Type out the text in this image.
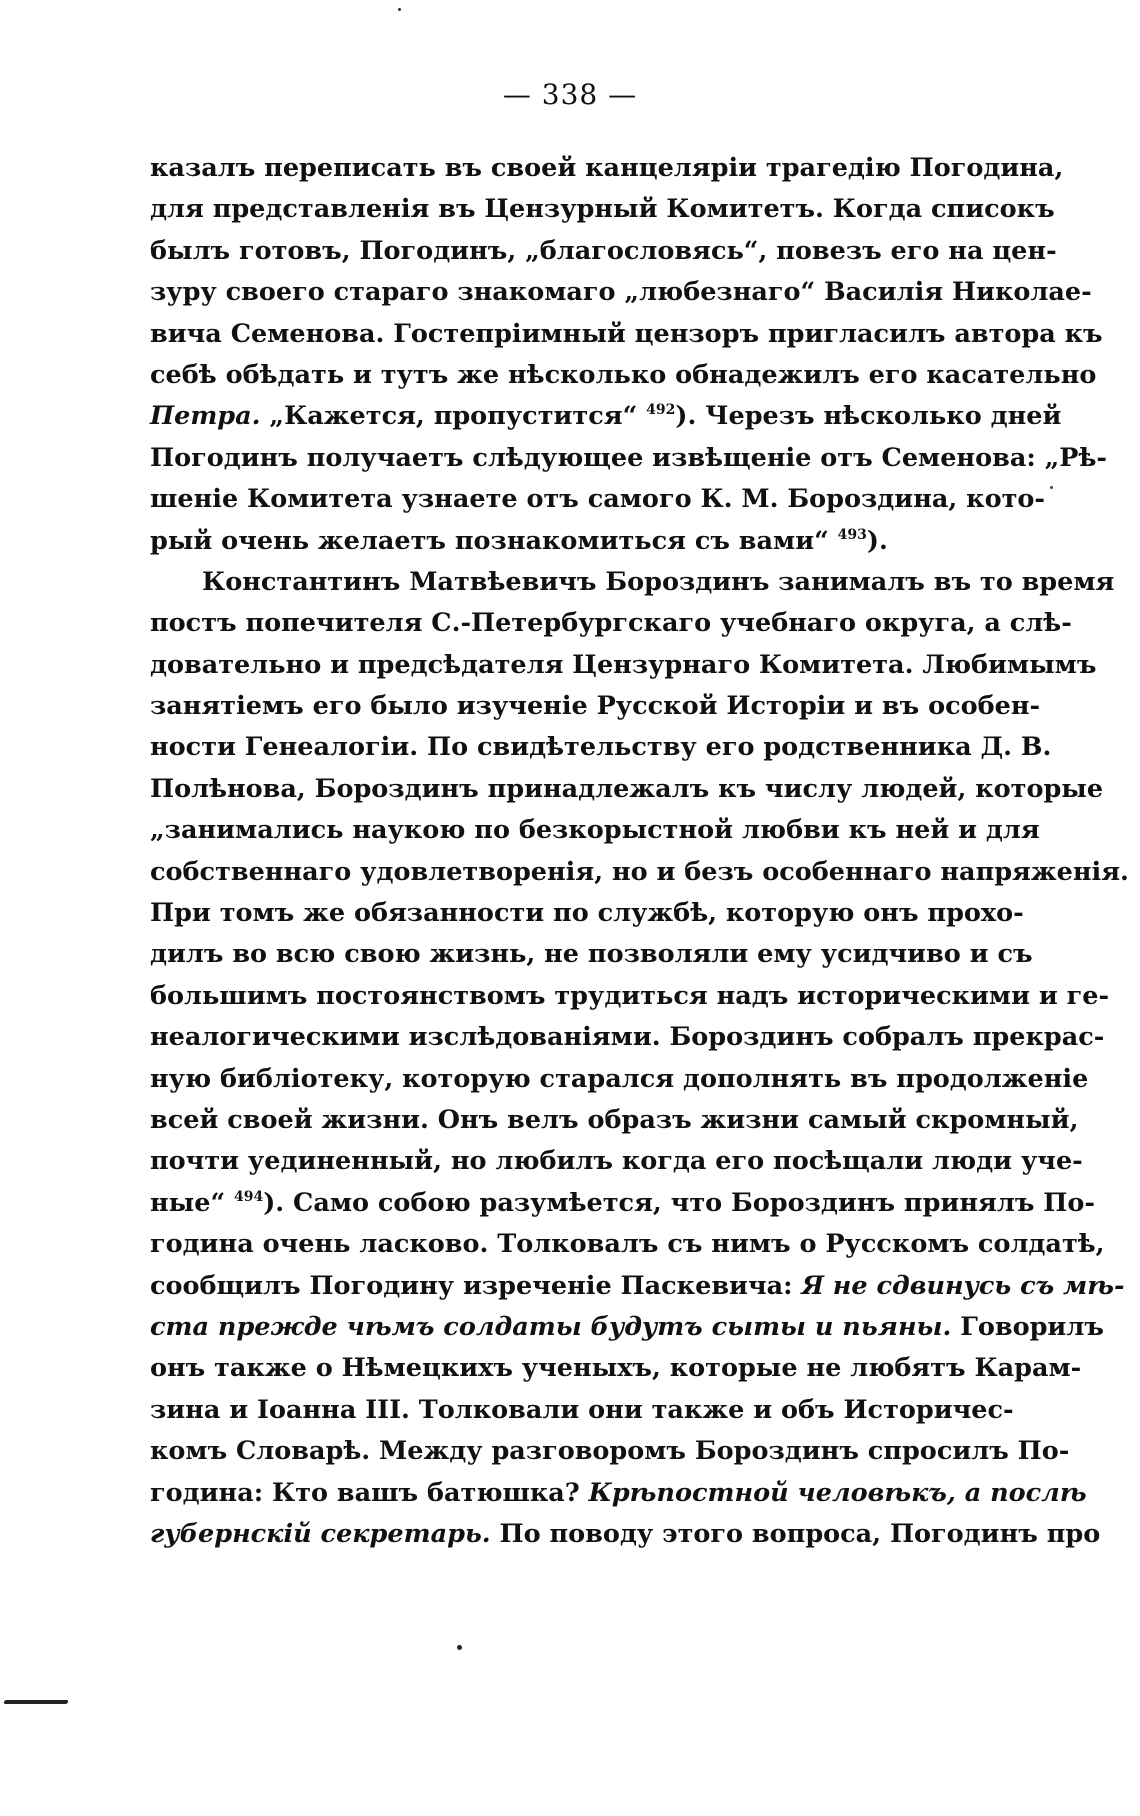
— 338 —
казалъ переписать въ своей канцеляріи трагедію Погодина,
для представленія въ Цензурный Комитетъ. Когда списокъ
былъ готовъ, Погодинъ, „благословясь“, повезъ его на цен-
зуру своего стараго знакомаго „любезнаго“ Василія Николае-
вича Семенова. Гостепріимный цензоръ пригласилъ автора къ
себѣ обѣдать и тутъ же нѣсколько обнадежилъ его касательно
Петра. „Кажется, пропустится“ $^{492}$). Черезъ нѣсколько дней
Погодинъ получаетъ слѣдующее извѣщеніе отъ Семенова: „Рѣ-
шеніе Комитета узнаете отъ самого К. М. Бороздина, кото-
рый очень желаетъ познакомиться съ вами“ $^{493}$).
Константинъ Матвѣевичъ Бороздинъ занималъ въ то время
постъ попечителя С.-Петербургскаго учебнаго округа, а слѣ-
довательно и предсѣдателя Цензурнаго Комитета. Любимымъ
занятіемъ его было изученіе Русской Исторіи и въ особен-
ности Генеалогіи. По свидѣтельству его родственника Д. В.
Полѣнова, Бороздинъ принадлежалъ къ числу людей, которые
„занимались наукою по безкорыстной любви къ ней и для
собственнаго удовлетворенія, но и безъ особеннаго напряженія.
При томъ же обязанности по службѣ, которую онъ прохо-
дилъ во всю свою жизнь, не позволяли ему усидчиво и съ
большимъ постоянствомъ трудиться надъ историческими и ге-
неалогическими изслѣдованіями. Бороздинъ собралъ прекрас-
ную библіотеку, которую старался дополнять въ продолженіе
всей своей жизни. Онъ велъ образъ жизни самый скромный,
почти уединенный, но любилъ когда его посѣщали люди уче-
ные“ $^{494}$). Само собою разумѣется, что Бороздинъ принялъ По-
година очень ласково. Толковалъ съ нимъ о Русскомъ солдатѣ,
сообщилъ Погодину изреченіе Паскевича: Я не сдвинусь съ мѣ-
ста прежде чѣмъ солдаты будутъ сыты и пьяны. Говорилъ
онъ также о Нѣмецкихъ ученыхъ, которые не любятъ Карам-
зина и Іоанна III. Толковали они также и объ Историчес-
комъ Словарѣ. Между разговоромъ Бороздинъ спросилъ По-
година: Кто вашъ батюшка? Крѣпостной человѣкъ, а послѣ
губернскій секретарь. По поводу этого вопроса, Погодинъ про
